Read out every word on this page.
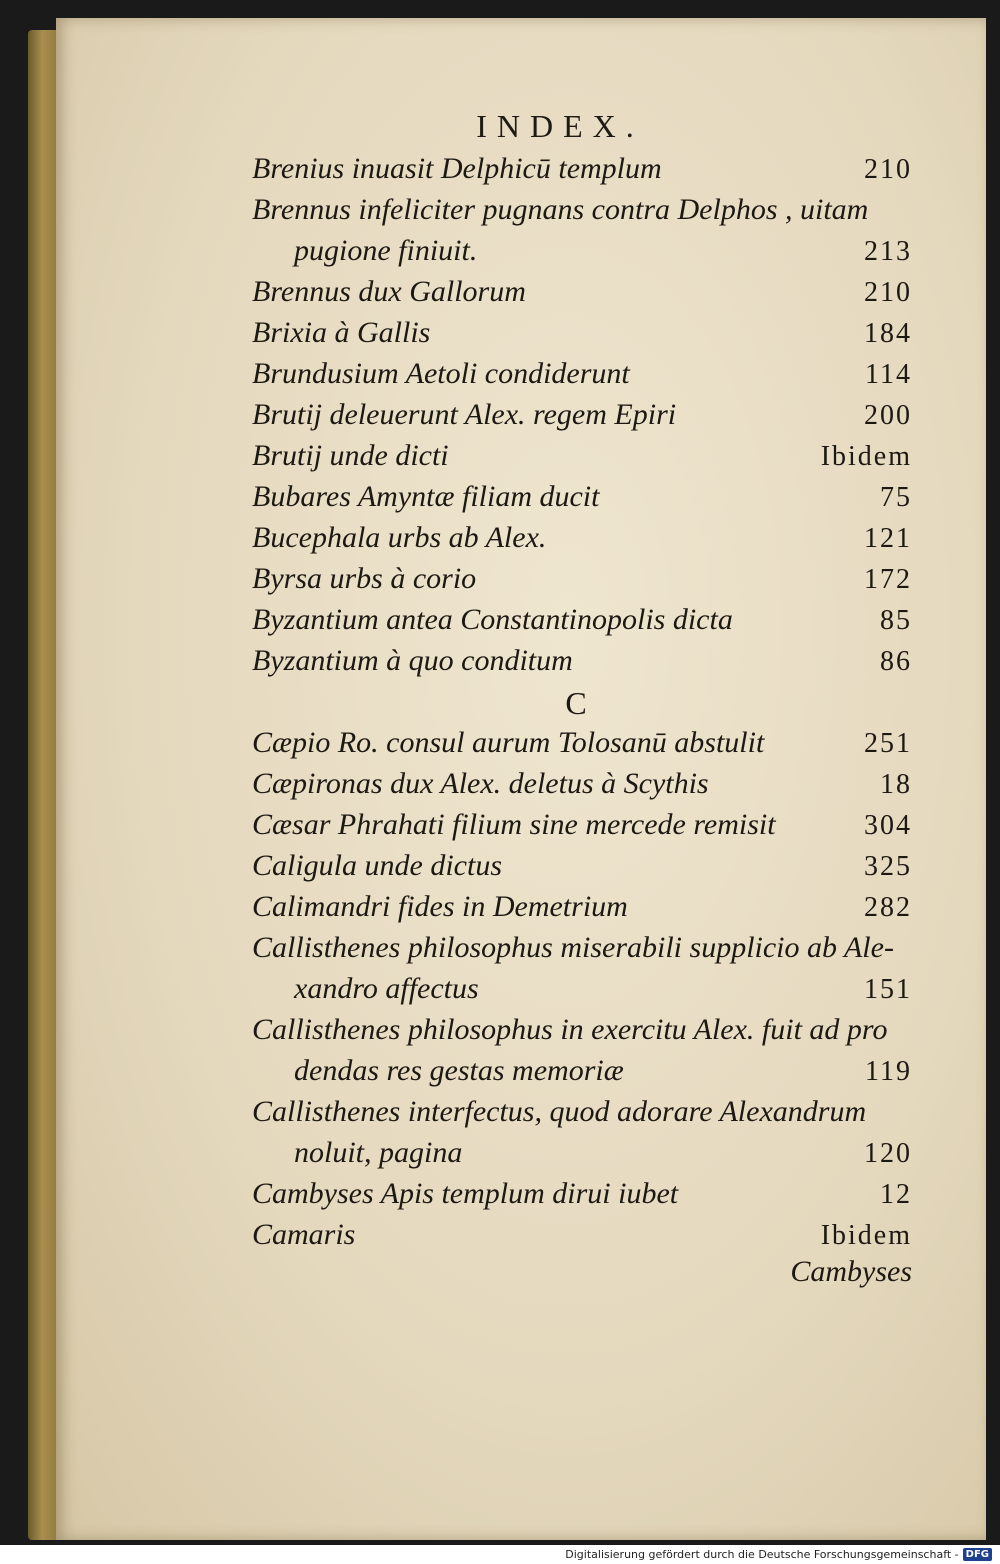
INDEX.
Brenius inuasit Delphicū templum	210
Brennus infeliciter pugnans contra Delphos , uitam
pugione finiuit.	213
Brennus dux Gallorum	210
Brixia à Gallis	184
Brundusium Aetoli condiderunt	114
Brutij deleuerunt Alex. regem Epiri	200
Brutij unde dicti	Ibidem
Bubares Amyntæ filiam ducit	75
Bucephala urbs ab Alex.	121
Byrsa urbs à corio	172
Byzantium antea Constantinopolis dicta	85
Byzantium à quo conditum	86
C
Cæpio Ro. consul aurum Tolosanū abstulit	251
Cæpironas dux Alex. deletus à Scythis	18
Cæsar Phrahati filium sine mercede remisit	304
Caligula unde dictus	325
Calimandri fides in Demetrium	282
Callisthenes philosophus miserabili supplicio ab Ale-
xandro affectus	151
Callisthenes philosophus in exercitu Alex. fuit ad pro
dendas res gestas memoriæ	119
Callisthenes interfectus, quod adorare Alexandrum
noluit, pagina	120
Cambyses Apis templum dirui iubet	12
Camaris	Ibidem
Cambyses
Digitalisierung gefördert durch die Deutsche Forschungsgemeinschaft - DFG
